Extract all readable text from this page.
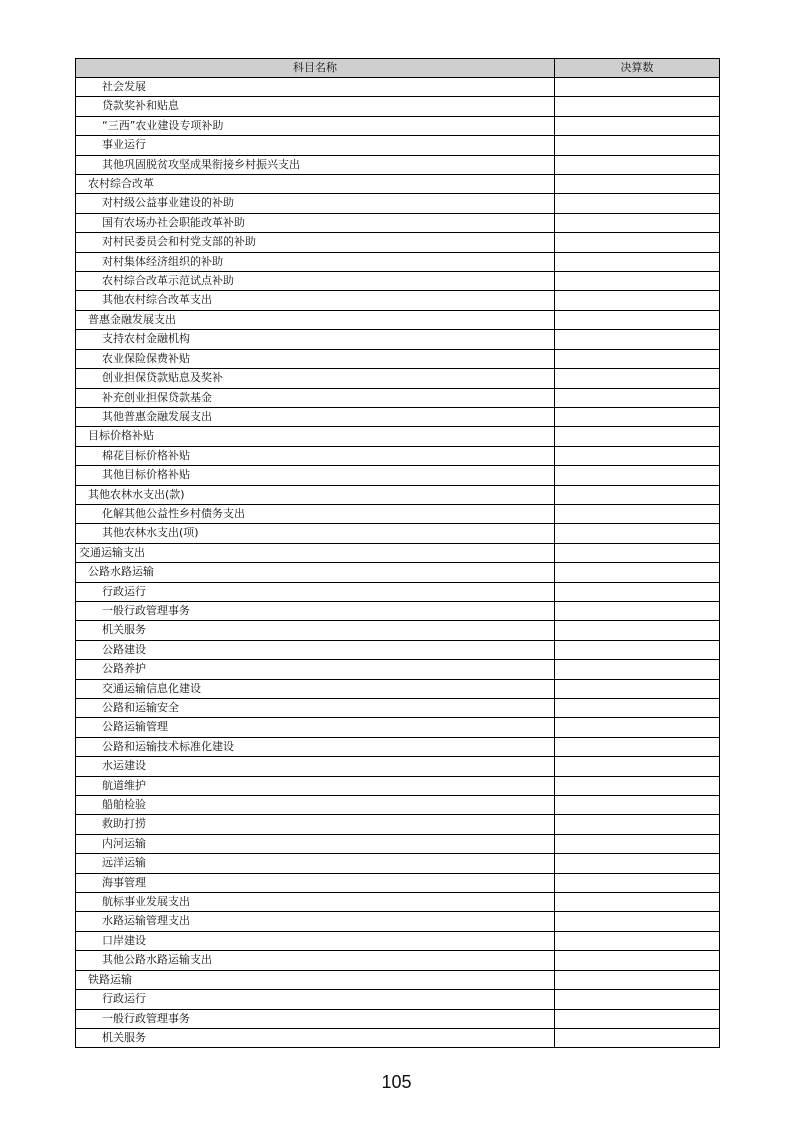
科目名称	决算数
社会发展	
贷款奖补和贴息	
“三西”农业建设专项补助	
事业运行	
其他巩固脱贫攻坚成果衔接乡村振兴支出	
农村综合改革	
对村级公益事业建设的补助	
国有农场办社会职能改革补助	
对村民委员会和村党支部的补助	
对村集体经济组织的补助	
农村综合改革示范试点补助	
其他农村综合改革支出	
普惠金融发展支出	
支持农村金融机构	
农业保险保费补贴	
创业担保贷款贴息及奖补	
补充创业担保贷款基金	
其他普惠金融发展支出	
目标价格补贴	
棉花目标价格补贴	
其他目标价格补贴	
其他农林水支出(款)	
化解其他公益性乡村债务支出	
其他农林水支出(项)	
交通运输支出	
公路水路运输	
行政运行	
一般行政管理事务	
机关服务	
公路建设	
公路养护	
交通运输信息化建设	
公路和运输安全	
公路运输管理	
公路和运输技术标准化建设	
水运建设	
航道维护	
船舶检验	
救助打捞	
内河运输	
远洋运输	
海事管理	
航标事业发展支出	
水路运输管理支出	
口岸建设	
其他公路水路运输支出	
铁路运输	
行政运行	
一般行政管理事务	
机关服务	
105
